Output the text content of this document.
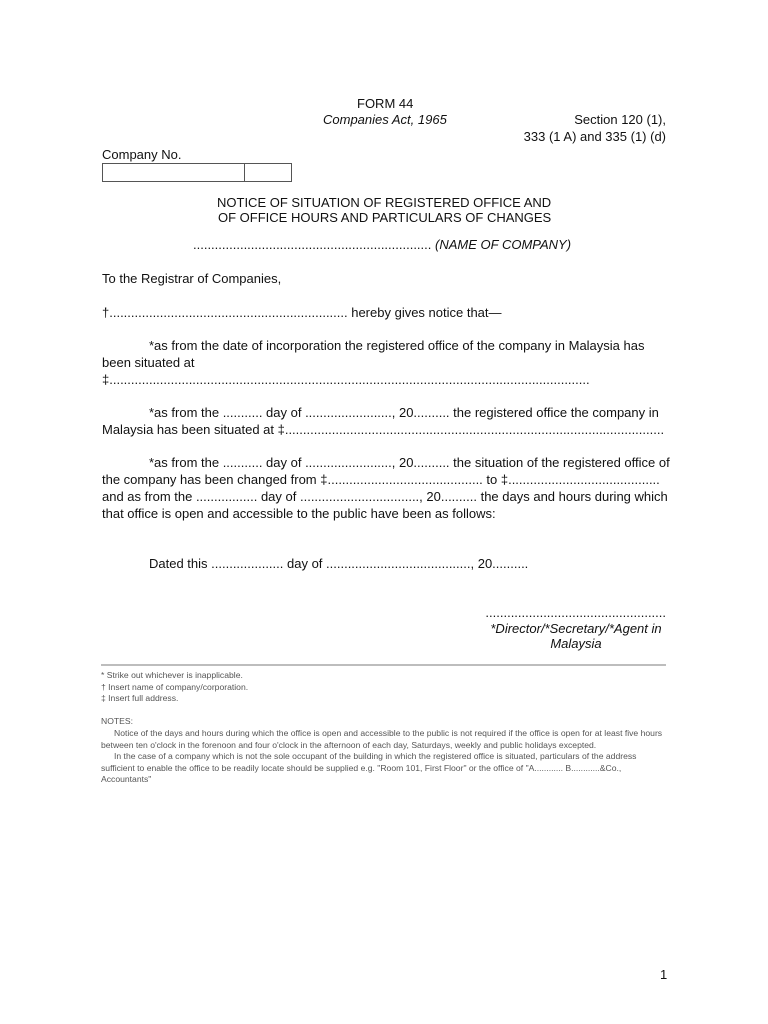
FORM 44
Companies Act, 1965	Section 120 (1),
333 (1 A) and 335 (1) (d)
Company No.
NOTICE OF SITUATION OF REGISTERED OFFICE AND
OF OFFICE HOURS AND PARTICULARS OF CHANGES
.................................................................. (NAME OF COMPANY)
To the Registrar of Companies,
†.................................................................. hereby gives notice that—
*as from the date of incorporation the registered office of the company in Malaysia has
been situated at
‡.....................................................................................................................................
*as from the ........... day of ........................, 20.......... the registered office the company in
Malaysia has been situated at ‡.........................................................................................................
*as from the ........... day of ........................, 20.......... the situation of the registered office of
the company has been changed from ‡........................................... to ‡..........................................
and as from the ................. day of ................................., 20.......... the days and hours during which
that office is open and accessible to the public have been as follows:
Dated this .................... day of ........................................, 20..........
..................................................
*Director/*Secretary/*Agent in
Malaysia
* Strike out whichever is inapplicable.
† Insert name of company/corporation.
‡ Insert full address.
NOTES:
Notice of the days and hours during which the office is open and accessible to the public is not required if the office is open for at least five hours between ten o'clock in the forenoon and four o'clock in the afternoon of each day, Saturdays, weekly and public holidays excepted.
In the case of a company which is not the sole occupant of the building in which the registered office is situated, particulars of the address sufficient to enable the office to be readily locate should be supplied e.g. "Room 101, First Floor" or the office of "A............ B............&Co., Accountants"
1
